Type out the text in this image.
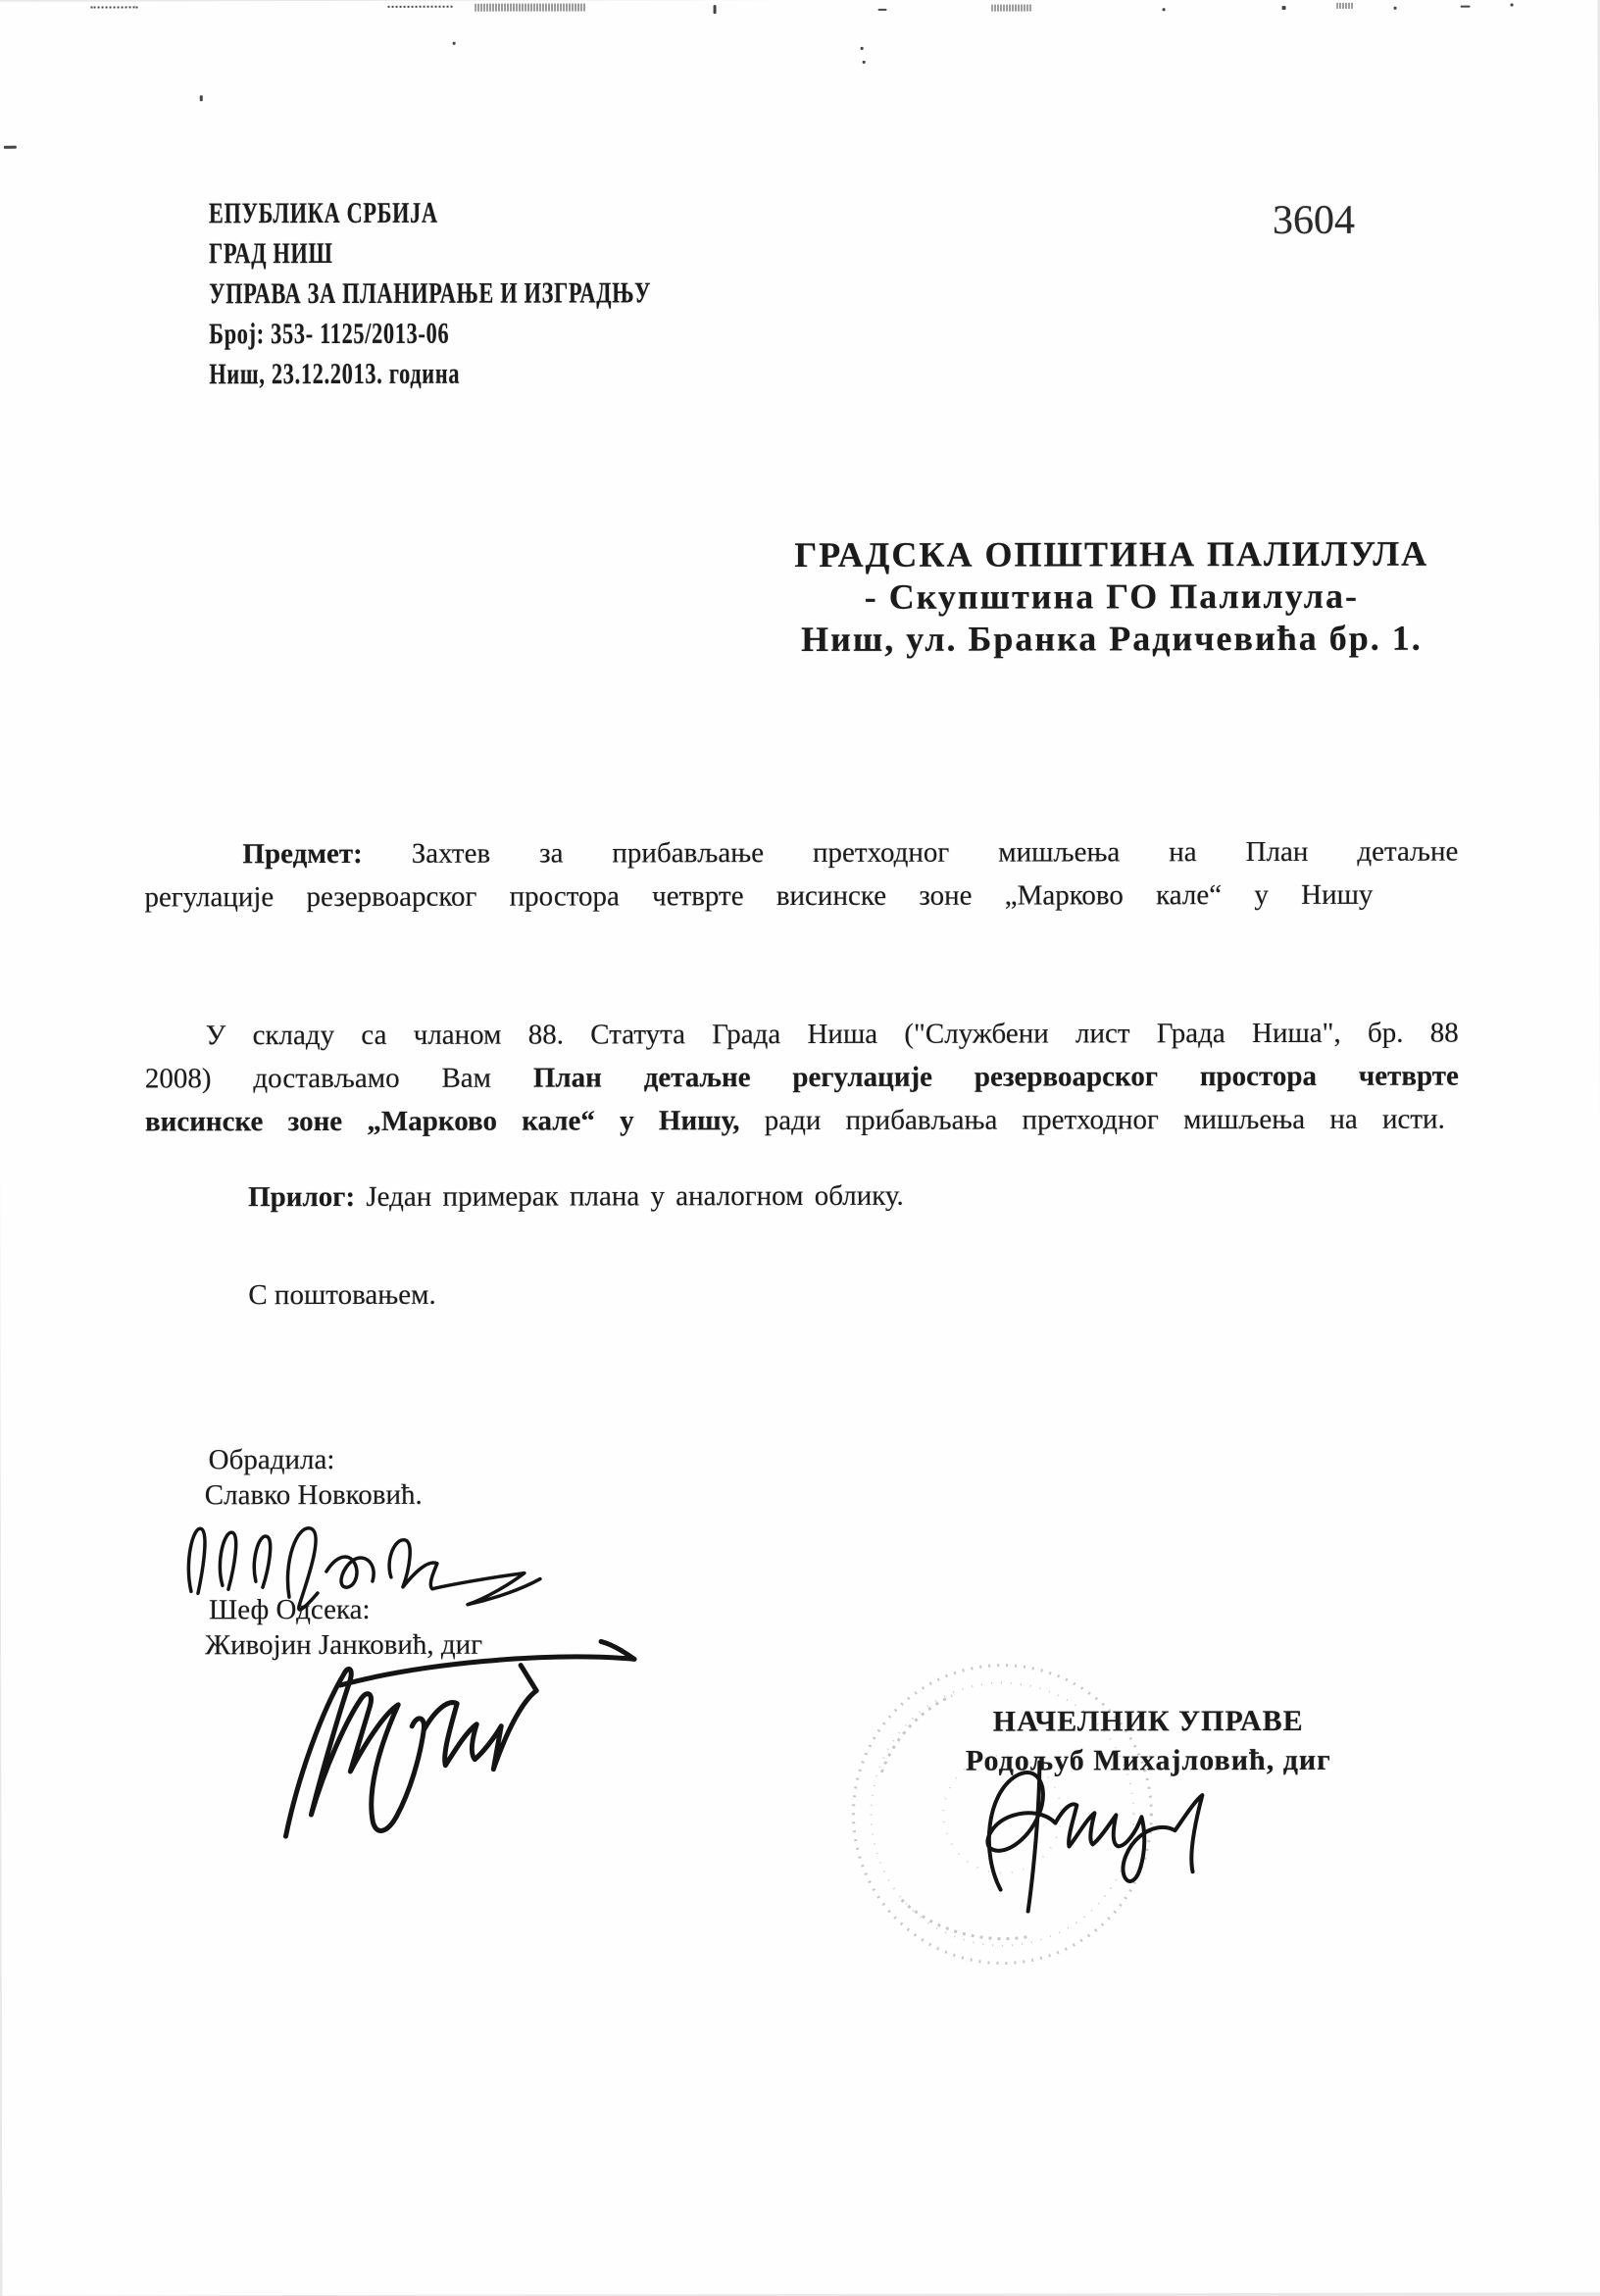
3604
ЕПУБЛИКА СРБИЈА
ГРАД НИШ
УПРАВА ЗА ПЛАНИРАЊЕ И ИЗГРАДЊУ
Број: 353- 1125/2013-06
Ниш, 23.12.2013. година
ГРАДСКА ОПШТИНА ПАЛИЛУЛА
- Скупштина ГО Палилула-
Ниш, ул. Бранка Радичевића бр. 1.

Предмет: Захтев за прибављање претходног мишљења на План детаљне регулације резервоарског простора четврте висинске зоне „Марково кале“ у Нишу

У складу са чланом 88. Статута Града Ниша ("Службени лист Града Ниша", бр. 88 2008) достављамо Вам План детаљне регулације резервоарског простора четврте висинске зоне „Марково кале“ у Нишу, ради прибављања претходног мишљења на исти.

Прилог: Један примерак плана у аналогном облику.

С поштовањем.

Обрадила:
Славко Новковић.
Шеф Одсека:
Живојин Јанковић, диг
НАЧЕЛНИК УПРАВЕ
Родољуб Михајловић, диг
